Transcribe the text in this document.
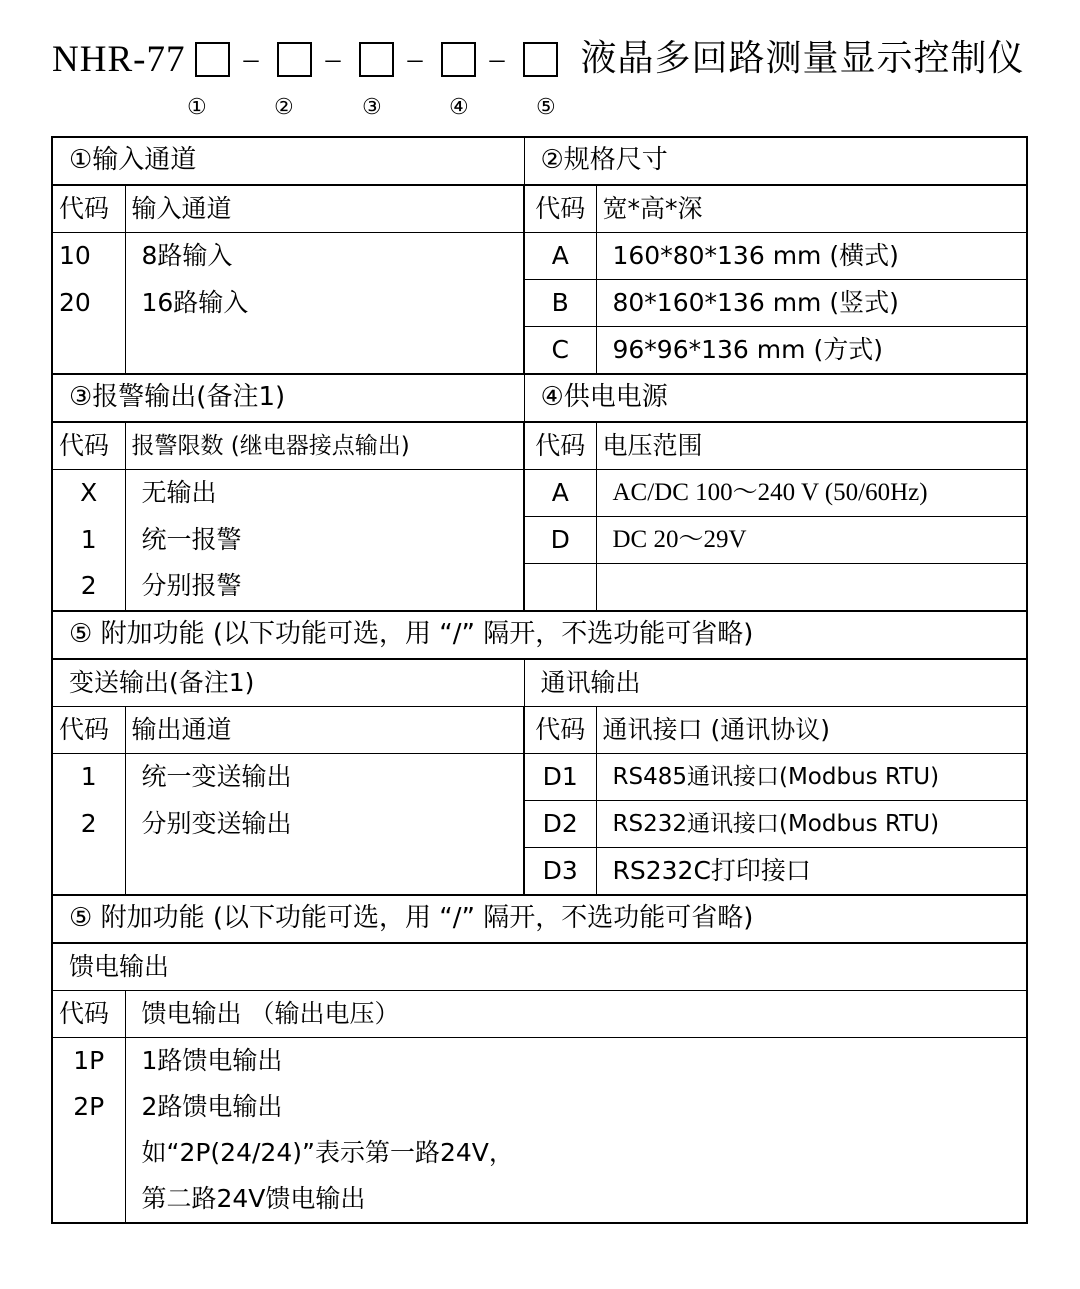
NHR-77 – – – – 液晶多回路测量显示控制仪
①	②	③	④	⑤
①输入通道		②规格尺寸	
代码	输入通道	代码	宽*高*深
10	8路输入	A	160*80*136 mm (横式)
20	16路输入	B	80*160*136 mm (竖式)
		C	96*96*136 mm (方式)
③报警输出(备注1)		④供电电源	
代码	报警限数 (继电器接点输出)	代码	电压范围
X	无输出	A	AC/DC 100～240 V (50/60Hz)
1	统一报警	D	DC 20～29V
2	分别报警		
⑤ 附加功能 (以下功能可选，用 “/” 隔开，不选功能可省略)			
变送输出(备注1)		通讯输出	
代码	输出通道	代码	通讯接口 (通讯协议)
1	统一变送输出	D1	RS485通讯接口(Modbus RTU)
2	分别变送输出	D2	RS232通讯接口(Modbus RTU)
		D3	RS232C打印接口
⑤ 附加功能 (以下功能可选，用 “/” 隔开，不选功能可省略)			
馈电输出			
代码	馈电输出 （输出电压）		
1P	1路馈电输出		
2P	2路馈电输出		
	如“2P(24/24)”表示第一路24V，		
	第二路24V馈电输出		
